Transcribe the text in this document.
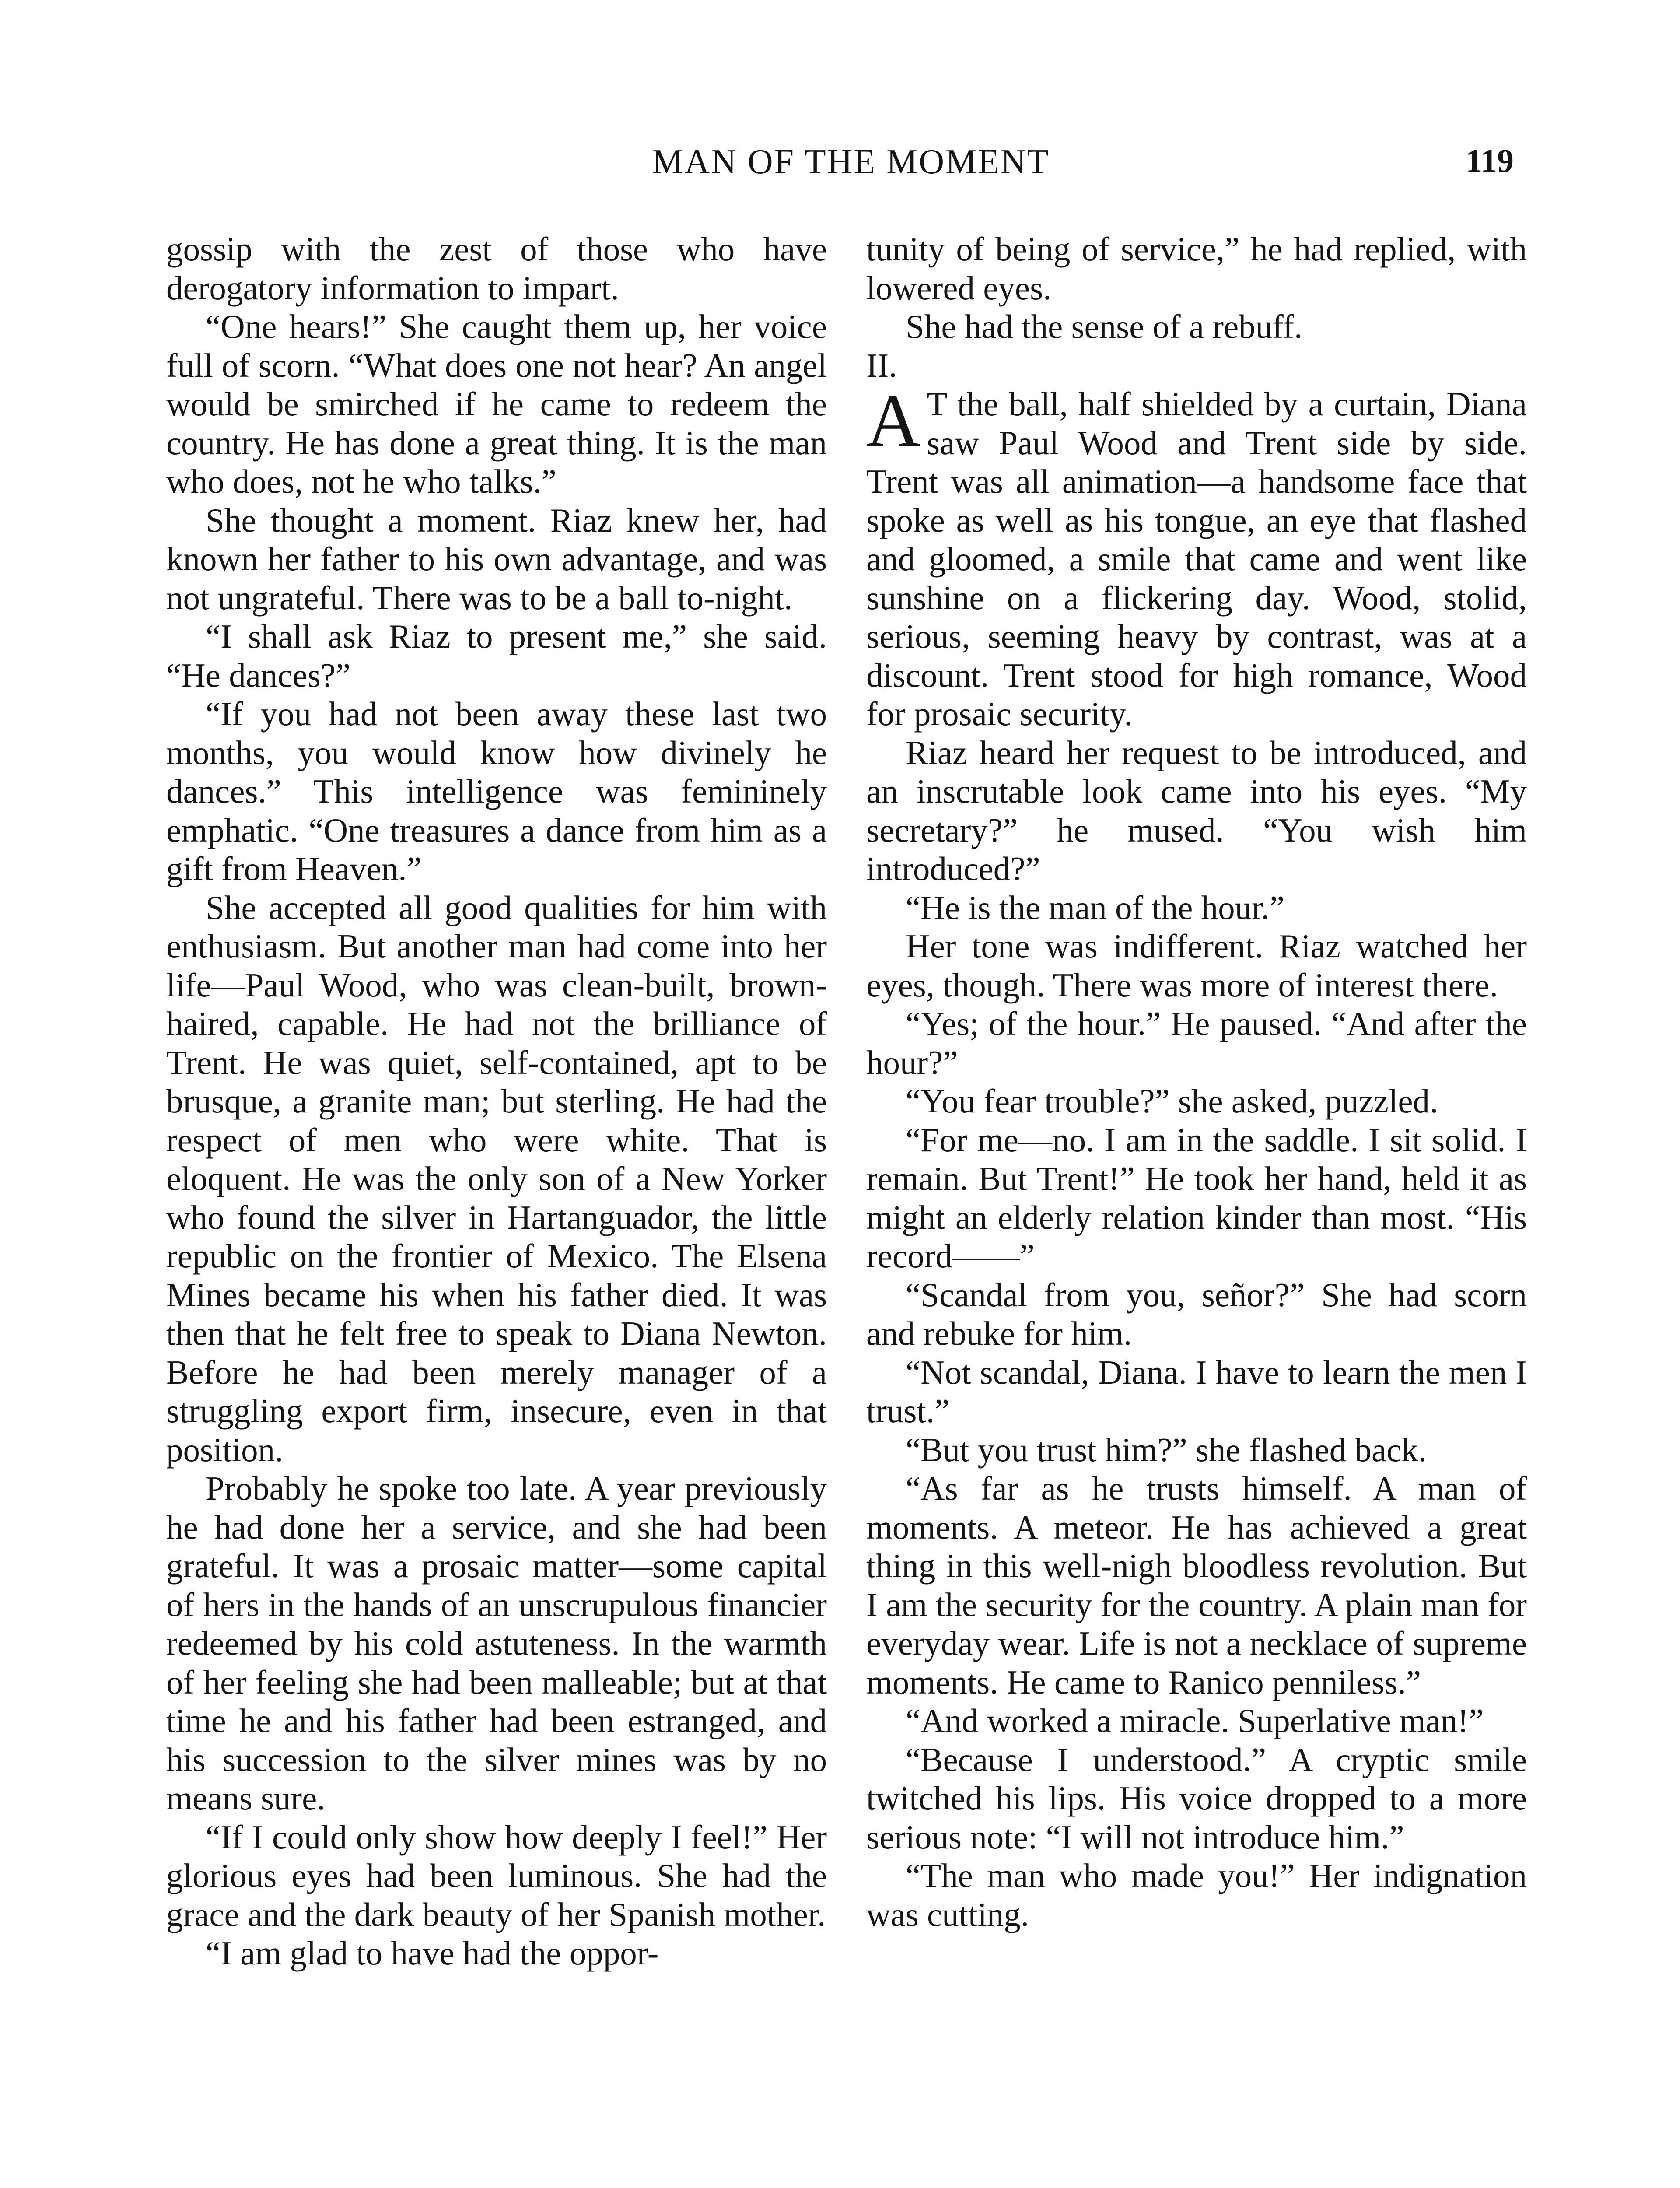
MAN OF THE MOMENT	119

gossip with the zest of those who have derogatory information to impart.

“One hears!” She caught them up, her voice full of scorn. “What does one not hear? An angel would be smirched if he came to redeem the country. He has done a great thing. It is the man who does, not he who talks.”

She thought a moment. Riaz knew her, had known her father to his own advantage, and was not ungrateful. There was to be a ball to-night.

“I shall ask Riaz to present me,” she said. “He dances?”

“If you had not been away these last two months, you would know how divinely he dances.” This intelligence was femininely emphatic. “One treasures a dance from him as a gift from Heaven.”

She accepted all good qualities for him with enthusiasm. But another man had come into her life—Paul Wood, who was clean-built, brown-haired, capable. He had not the brilliance of Trent. He was quiet, self-contained, apt to be brusque, a granite man; but sterling. He had the respect of men who were white. That is eloquent. He was the only son of a New Yorker who found the silver in Hartanguador, the little republic on the frontier of Mexico. The Elsena Mines became his when his father died. It was then that he felt free to speak to Diana Newton. Before he had been merely manager of a struggling export firm, insecure, even in that position.

Probably he spoke too late. A year previously he had done her a service, and she had been grateful. It was a prosaic matter—some capital of hers in the hands of an unscrupulous financier redeemed by his cold astuteness. In the warmth of her feeling she had been malleable; but at that time he and his father had been estranged, and his succession to the silver mines was by no means sure.

“If I could only show how deeply I feel!” Her glorious eyes had been luminous. She had the grace and the dark beauty of her Spanish mother.

“I am glad to have had the oppor-

tunity of being of service,” he had replied, with lowered eyes.

She had the sense of a rebuff.

II.

A T the ball, half shielded by a curtain, Diana saw Paul Wood and Trent side by side. Trent was all animation—a handsome face that spoke as well as his tongue, an eye that flashed and gloomed, a smile that came and went like sunshine on a flickering day. Wood, stolid, serious, seeming heavy by contrast, was at a discount. Trent stood for high romance, Wood for prosaic security.

Riaz heard her request to be introduced, and an inscrutable look came into his eyes. “My secretary?” he mused. “You wish him introduced?”

“He is the man of the hour.”

Her tone was indifferent. Riaz watched her eyes, though. There was more of interest there.

“Yes; of the hour.” He paused. “And after the hour?”

“You fear trouble?” she asked, puzzled.

“For me—no. I am in the saddle. I sit solid. I remain. But Trent!” He took her hand, held it as might an elderly relation kinder than most. “His record——”

“Scandal from you, señor?” She had scorn and rebuke for him.

“Not scandal, Diana. I have to learn the men I trust.”

“But you trust him?” she flashed back.

“As far as he trusts himself. A man of moments. A meteor. He has achieved a great thing in this well-nigh bloodless revolution. But I am the security for the country. A plain man for everyday wear. Life is not a necklace of supreme moments. He came to Ranico penniless.”

“And worked a miracle. Superlative man!”

“Because I understood.” A cryptic smile twitched his lips. His voice dropped to a more serious note: “I will not introduce him.”

“The man who made you!” Her indignation was cutting.
